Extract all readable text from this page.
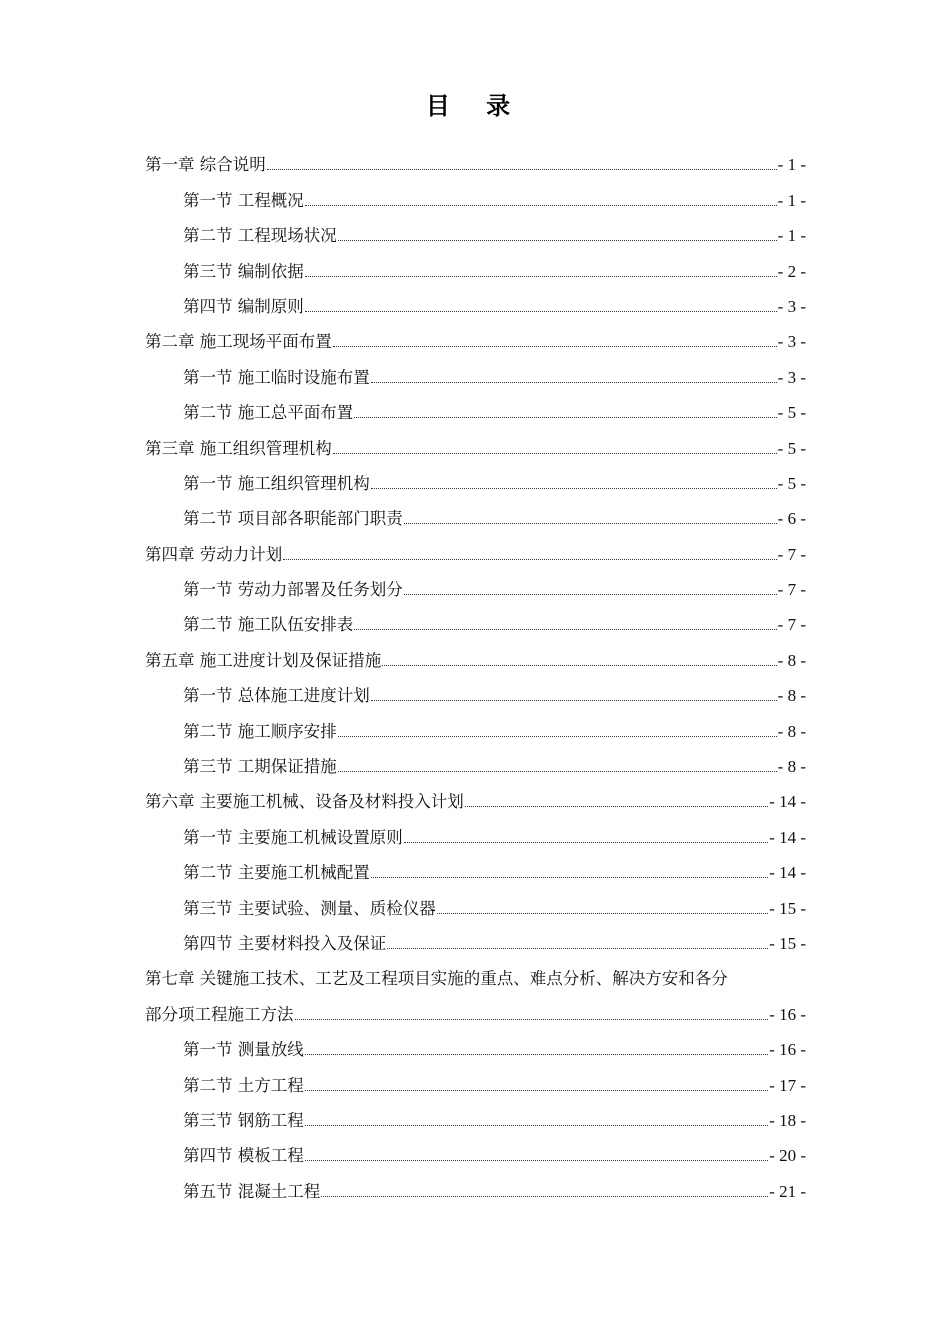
目 录
第一章 综合说明	- 1 -
第一节 工程概况	- 1 -
第二节 工程现场状况	- 1 -
第三节 编制依据	- 2 -
第四节 编制原则	- 3 -
第二章 施工现场平面布置	- 3 -
第一节 施工临时设施布置	- 3 -
第二节 施工总平面布置	- 5 -
第三章 施工组织管理机构	- 5 -
第一节 施工组织管理机构	- 5 -
第二节 项目部各职能部门职责	- 6 -
第四章 劳动力计划	- 7 -
第一节 劳动力部署及任务划分	- 7 -
第二节 施工队伍安排表	- 7 -
第五章 施工进度计划及保证措施	- 8 -
第一节 总体施工进度计划	- 8 -
第二节 施工顺序安排	- 8 -
第三节 工期保证措施	- 8 -
第六章 主要施工机械、设备及材料投入计划	- 14 -
第一节 主要施工机械设置原则	- 14 -
第二节 主要施工机械配置	- 14 -
第三节 主要试验、测量、质检仪器	- 15 -
第四节 主要材料投入及保证	- 15 -
第七章 关键施工技术、工艺及工程项目实施的重点、难点分析、解决方安和各分
部分项工程施工方法	- 16 -
第一节 测量放线	- 16 -
第二节 土方工程	- 17 -
第三节 钢筋工程	- 18 -
第四节 模板工程	- 20 -
第五节 混凝土工程	- 21 -
